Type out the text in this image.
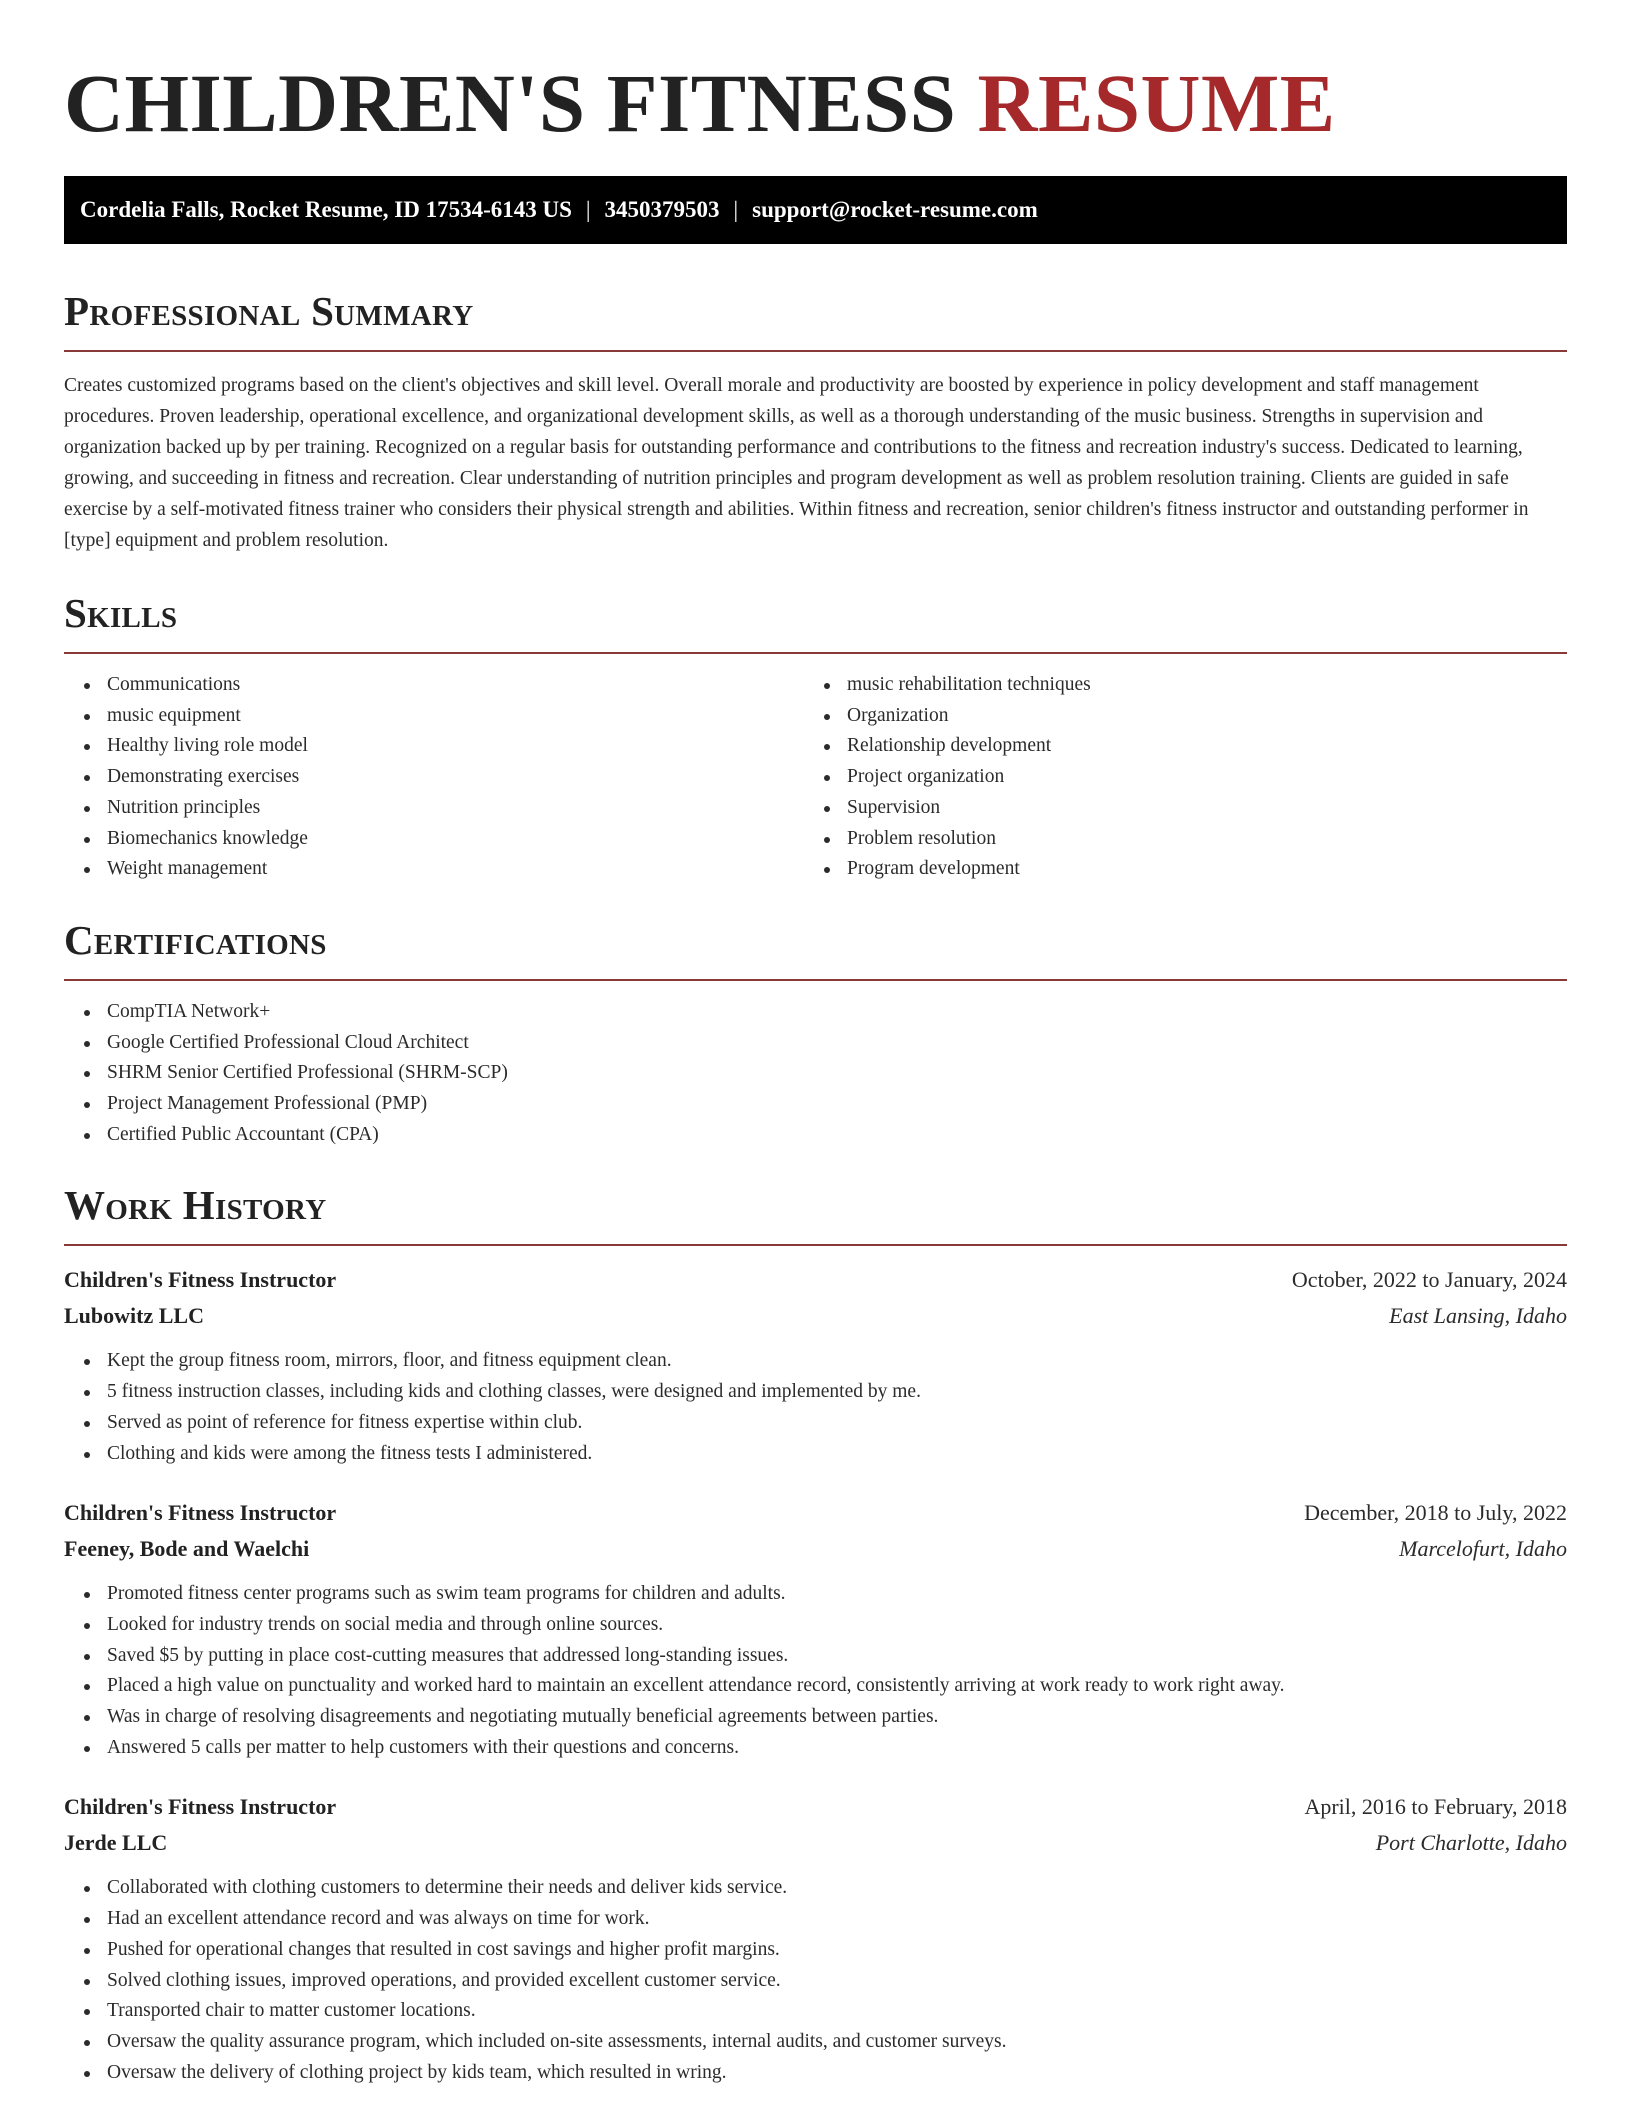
CHILDREN'S FITNESS RESUME
Cordelia Falls, Rocket Resume, ID 17534-6143 US | 3450379503 | support@rocket-resume.com
Professional Summary

Creates customized programs based on the client's objectives and skill level. Overall morale and productivity are boosted by experience in policy development and staff management procedures. Proven leadership, operational excellence, and organizational development skills, as well as a thorough understanding of the music business. Strengths in supervision and organization backed up by per training. Recognized on a regular basis for outstanding performance and contributions to the fitness and recreation industry's success. Dedicated to learning, growing, and succeeding in fitness and recreation. Clear understanding of nutrition principles and program development as well as problem resolution training. Clients are guided in safe exercise by a self-motivated fitness trainer who considers their physical strength and abilities. Within fitness and recreation, senior children's fitness instructor and outstanding performer in [type] equipment and problem resolution.

Skills
Communications
music equipment
Healthy living role model
Demonstrating exercises
Nutrition principles
Biomechanics knowledge
Weight management
music rehabilitation techniques
Organization
Relationship development
Project organization
Supervision
Problem resolution
Program development
Certifications
CompTIA Network+
Google Certified Professional Cloud Architect
SHRM Senior Certified Professional (SHRM-SCP)
Project Management Professional (PMP)
Certified Public Accountant (CPA)
Work History
Children's Fitness Instructor	October, 2022 to January, 2024
Lubowitz LLC	East Lansing, Idaho
Kept the group fitness room, mirrors, floor, and fitness equipment clean.
5 fitness instruction classes, including kids and clothing classes, were designed and implemented by me.
Served as point of reference for fitness expertise within club.
Clothing and kids were among the fitness tests I administered.
Children's Fitness Instructor	December, 2018 to July, 2022
Feeney, Bode and Waelchi	Marcelofurt, Idaho
Promoted fitness center programs such as swim team programs for children and adults.
Looked for industry trends on social media and through online sources.
Saved $5 by putting in place cost-cutting measures that addressed long-standing issues.
Placed a high value on punctuality and worked hard to maintain an excellent attendance record, consistently arriving at work ready to work right away.
Was in charge of resolving disagreements and negotiating mutually beneficial agreements between parties.
Answered 5 calls per matter to help customers with their questions and concerns.
Children's Fitness Instructor	April, 2016 to February, 2018
Jerde LLC	Port Charlotte, Idaho
Collaborated with clothing customers to determine their needs and deliver kids service.
Had an excellent attendance record and was always on time for work.
Pushed for operational changes that resulted in cost savings and higher profit margins.
Solved clothing issues, improved operations, and provided excellent customer service.
Transported chair to matter customer locations.
Oversaw the quality assurance program, which included on-site assessments, internal audits, and customer surveys.
Oversaw the delivery of clothing project by kids team, which resulted in wring.
